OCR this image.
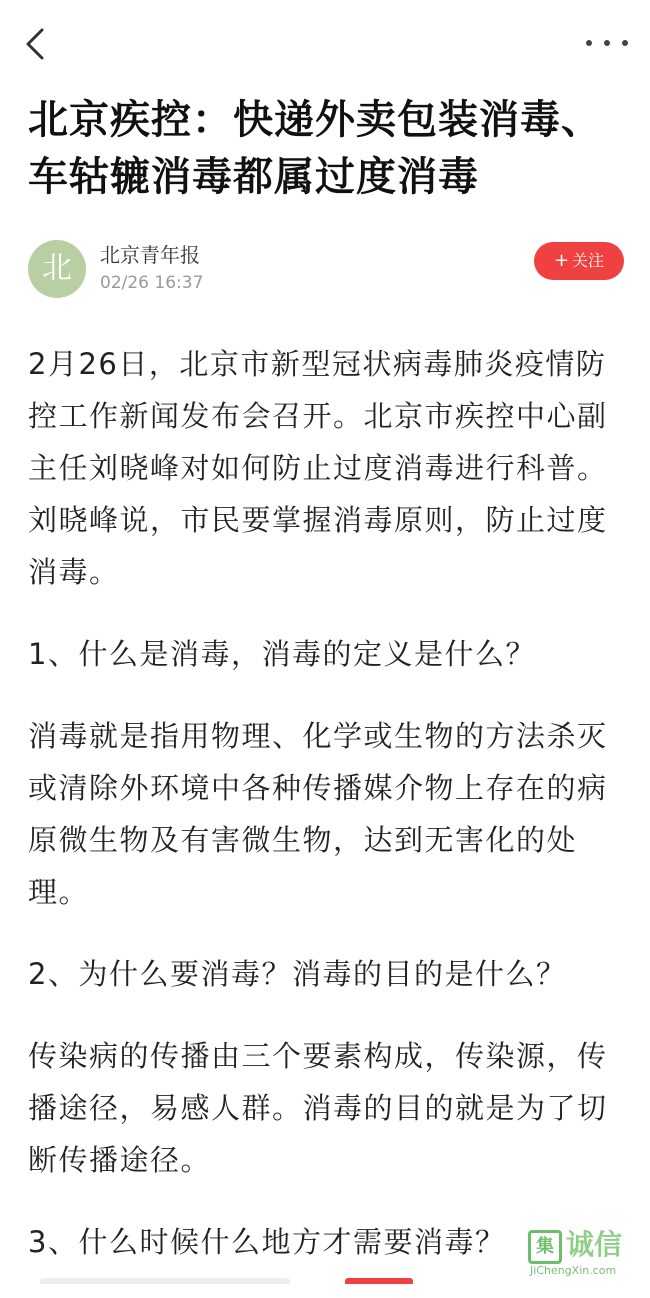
北京疾控：快递外卖包装消毒、车轱辘消毒都属过度消毒
北	北京青年报
02/26 16:37
+ 关注

2月26日，北京市新型冠状病毒肺炎疫情防控工作新闻发布会召开。北京市疾控中心副主任刘晓峰对如何防止过度消毒进行科普。刘晓峰说，市民要掌握消毒原则，防止过度消毒。

1、什么是消毒，消毒的定义是什么？

消毒就是指用物理、化学或生物的方法杀灭或清除外环境中各种传播媒介物上存在的病原微生物及有害微生物，达到无害化的处理。

2、为什么要消毒？消毒的目的是什么？

传染病的传播由三个要素构成，传染源，传播途径，易感人群。消毒的目的就是为了切断传播途径。

3、什么时候什么地方才需要消毒？	集 诚信
JiChengXin.com
